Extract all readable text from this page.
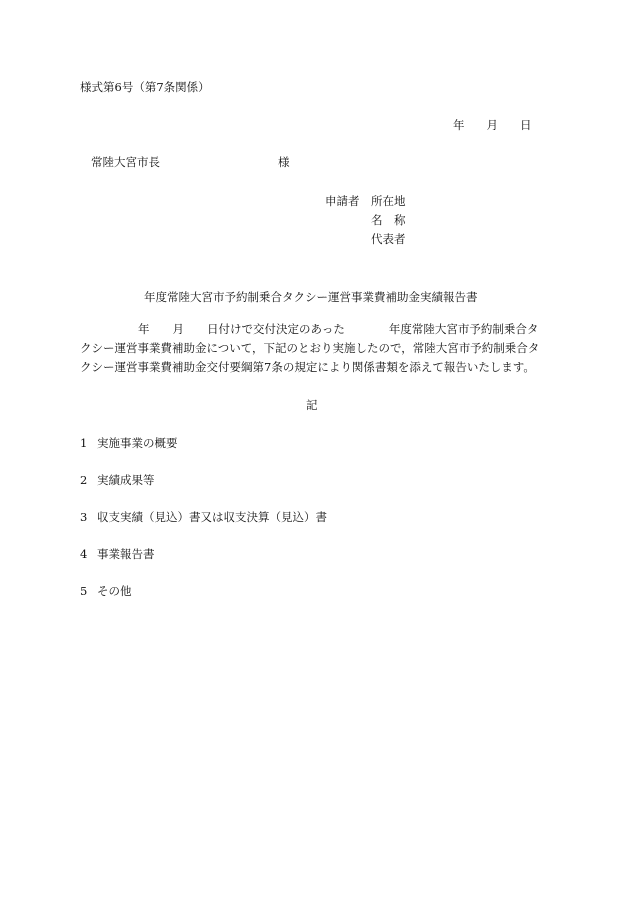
様式第6号（第7条関係）
年 月 日
常陸大宮市長	様
申請者	所在地
名　称
代表者
年度常陸大宮市予約制乗合タクシー運営事業費補助金実績報告書
年 月 日付けで交付決定のあった	年度常陸大宮市予約制乗合タ
クシー運営事業費補助金について，下記のとおり実施したので，常陸大宮市予約制乗合タ
クシー運営事業費補助金交付要綱第7条の規定により関係書類を添えて報告いたします。
記
1 実施事業の概要
2 実績成果等
3 収支実績（見込）書又は収支決算（見込）書
4 事業報告書
5 その他
